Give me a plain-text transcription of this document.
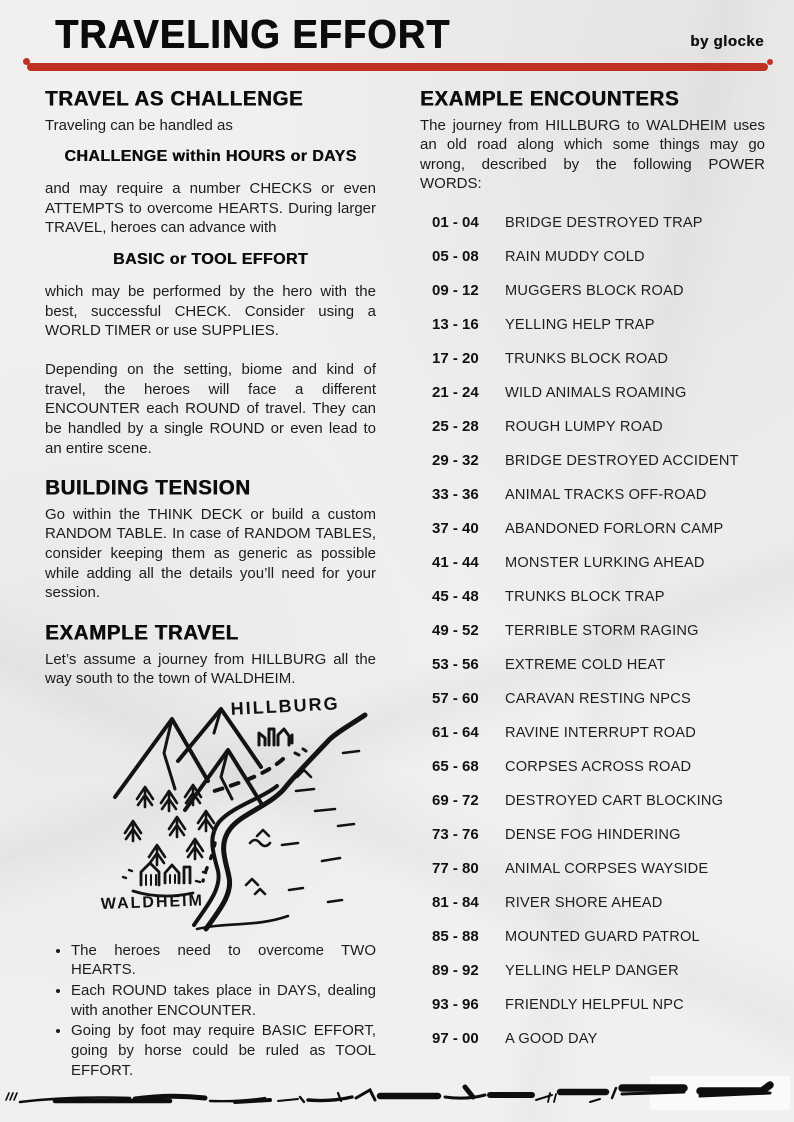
TRAVELING EFFORT	by glocke
TRAVEL AS CHALLENGE

Traveling can be handled as

CHALLENGE within HOURS or DAYS

and may require a number CHECKS or even ATTEMPTS to overcome HEARTS. During larger TRAVEL, heroes can advance with

BASIC or TOOL EFFORT

which may be performed by the hero with the best, successful CHECK. Consider using a WORLD TIMER or use SUPPLIES.

Depending on the setting, biome and kind of travel, the heroes will face a different ENCOUNTER each ROUND of travel. They can be handled by a single ROUND or even lead to an entire scene.

BUILDING TENSION

Go within the THINK DECK or build a custom RANDOM TABLE. In case of RANDOM TABLES, consider keeping them as generic as possible while adding all the details you’ll need for your session.

EXAMPLE TRAVEL

Let’s assume a journey from HILLBURG all the way south to the town of WALDHEIM.

HILLBURG
WALDHEIM
• The heroes need to overcome TWO HEARTS.
• Each ROUND takes place in DAYS, dealing with another ENCOUNTER.
• Going by foot may require BASIC EFFORT, going by horse could be ruled as TOOL EFFORT.
EXAMPLE ENCOUNTERS

The journey from HILLBURG to WALDHEIM uses an old road along which some things may go wrong, described by the following POWER WORDS:

01 - 04	BRIDGE DESTROYED TRAP
05 - 08	RAIN MUDDY COLD
09 - 12	MUGGERS BLOCK ROAD
13 - 16	YELLING HELP TRAP
17 - 20	TRUNKS BLOCK ROAD
21 - 24	WILD ANIMALS ROAMING
25 - 28	ROUGH LUMPY ROAD
29 - 32	BRIDGE DESTROYED ACCIDENT
33 - 36	ANIMAL TRACKS OFF-ROAD
37 - 40	ABANDONED FORLORN CAMP
41 - 44	MONSTER LURKING AHEAD
45 - 48	TRUNKS BLOCK TRAP
49 - 52	TERRIBLE STORM RAGING
53 - 56	EXTREME COLD HEAT
57 - 60	CARAVAN RESTING NPCS
61 - 64	RAVINE INTERRUPT ROAD
65 - 68	CORPSES ACROSS ROAD
69 - 72	DESTROYED CART BLOCKING
73 - 76	DENSE FOG HINDERING
77 - 80	ANIMAL CORPSES WAYSIDE
81 - 84	RIVER SHORE AHEAD
85 - 88	MOUNTED GUARD PATROL
89 - 92	YELLING HELP DANGER
93 - 96	FRIENDLY HELPFUL NPC
97 - 00	A GOOD DAY
